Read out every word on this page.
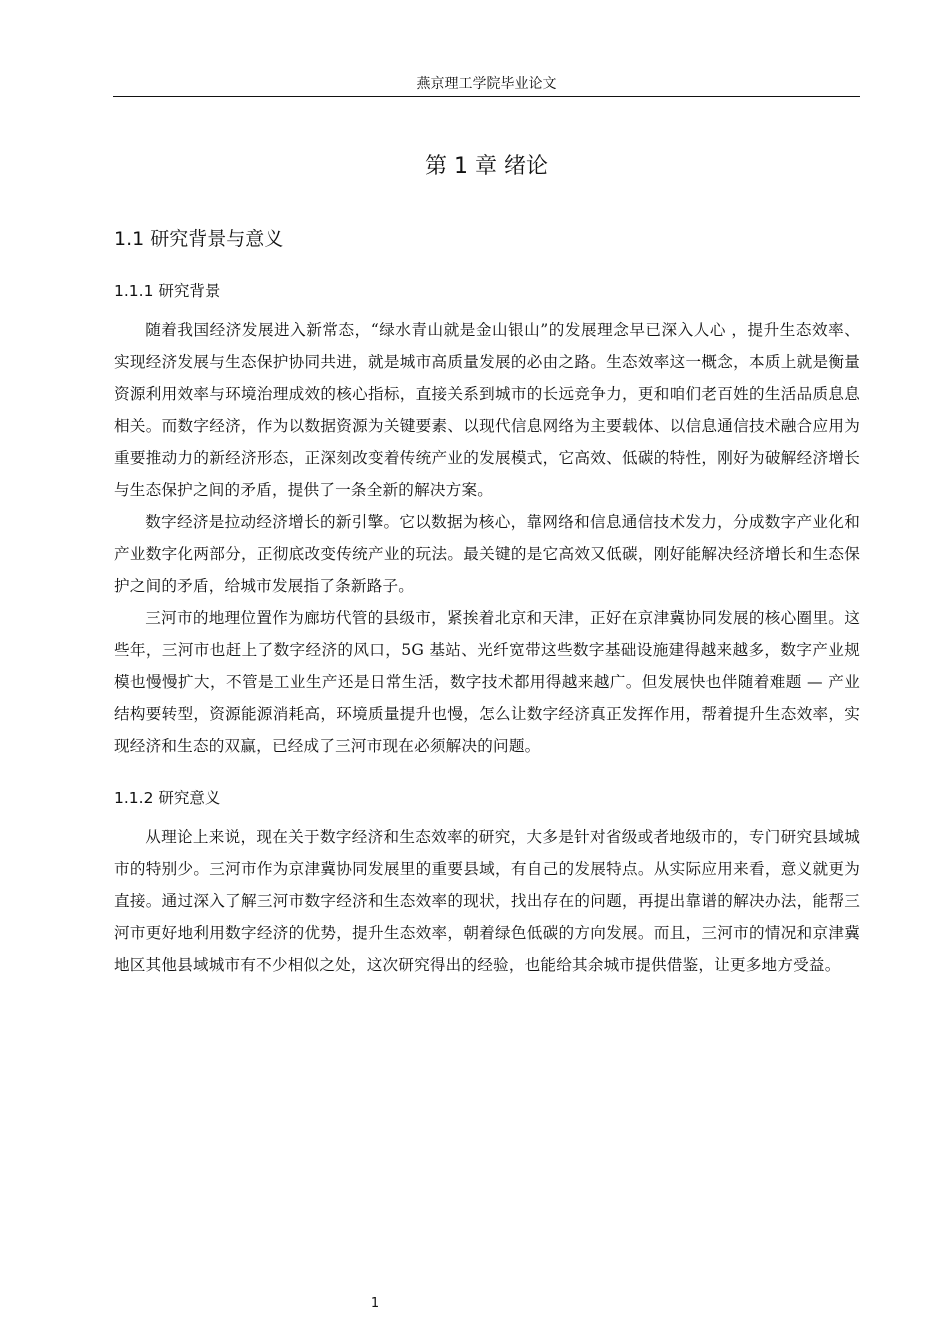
燕京理工学院毕业论文
第 1 章 绪论
1.1 研究背景与意义
1.1.1 研究背景

随着我国经济发展进入新常态，“绿水青山就是金山银山”的发展理念早已深入人心 ，提升生态效率、实现经济发展与生态保护协同共进，就是城市高质量发展的必由之路。生态效率这一概念，本质上就是衡量资源利用效率与环境治理成效的核心指标，直接关系到城市的长远竞争力，更和咱们老百姓的生活品质息息相关。而数字经济，作为以数据资源为关键要素、以现代信息网络为主要载体、以信息通信技术融合应用为重要推动力的新经济形态，正深刻改变着传统产业的发展模式，它高效、低碳的特性，刚好为破解经济增长与生态保护之间的矛盾，提供了一条全新的解决方案。

数字经济是拉动经济增长的新引擎。它以数据为核心，靠网络和信息通信技术发力，分成数字产业化和产业数字化两部分，正彻底改变传统产业的玩法。最关键的是它高效又低碳，刚好能解决经济增长和生态保护之间的矛盾，给城市发展指了条新路子。

三河市的地理位置作为廊坊代管的县级市，紧挨着北京和天津，正好在京津冀协同发展的核心圈里。这些年，三河市也赶上了数字经济的风口，5G 基站、光纤宽带这些数字基础设施建得越来越多，数字产业规模也慢慢扩大，不管是工业生产还是日常生活，数字技术都用得越来越广。但发展快也伴随着难题 — 产业结构要转型，资源能源消耗高，环境质量提升也慢，怎么让数字经济真正发挥作用，帮着提升生态效率，实现经济和生态的双赢，已经成了三河市现在必须解决的问题。

1.1.2 研究意义

从理论上来说，现在关于数字经济和生态效率的研究，大多是针对省级或者地级市的，专门研究县域城市的特别少。三河市作为京津冀协同发展里的重要县域，有自己的发展特点。从实际应用来看，意义就更为直接。通过深入了解三河市数字经济和生态效率的现状，找出存在的问题，再提出靠谱的解决办法，能帮三河市更好地利用数字经济的优势，提升生态效率，朝着绿色低碳的方向发展。而且，三河市的情况和京津冀地区其他县域城市有不少相似之处，这次研究得出的经验，也能给其余城市提供借鉴，让更多地方受益。

1
